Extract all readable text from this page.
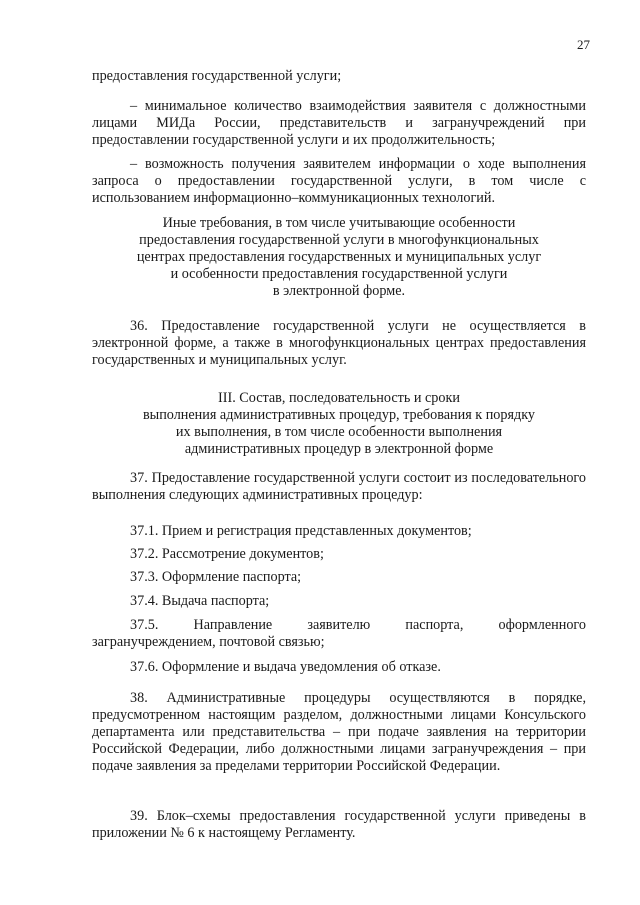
27

предоставления государственной услуги;

– минимальное количество взаимодействия заявителя с должностными лицами МИДа России, представительств и загранучреждений при предоставлении государственной услуги и их продолжительность;

– возможность получения заявителем информации о ходе выполнения запроса о предоставлении государственной услуги, в том числе с использованием информационно–коммуникационных технологий.

Иные требования, в том числе учитывающие особенности
предоставления государственной услуги в многофункциональных
центрах предоставления государственных и муниципальных услуг
и особенности предоставления государственной услуги
в электронной форме.

36. Предоставление государственной услуги не осуществляется в электронной форме, а также в многофункциональных центрах предоставления государственных и муниципальных услуг.

III. Состав, последовательность и сроки
выполнения административных процедур, требования к порядку
их выполнения, в том числе особенности выполнения
административных процедур в электронной форме

37. Предоставление государственной услуги состоит из последовательного выполнения следующих административных процедур:

37.1. Прием и регистрация представленных документов;

37.2. Рассмотрение документов;

37.3. Оформление паспорта;

37.4. Выдача паспорта;

37.5. Направление заявителю паспорта, оформленного загранучреждением, почтовой связью;

37.6. Оформление и выдача уведомления об отказе.

38. Административные процедуры осуществляются в порядке, предусмотренном настоящим разделом, должностными лицами Консульского департамента или представительства – при подаче заявления на территории Российской Федерации, либо должностными лицами загранучреждения – при подаче заявления за пределами территории Российской Федерации.

39. Блок–схемы предоставления государственной услуги приведены в приложении № 6 к настоящему Регламенту.
